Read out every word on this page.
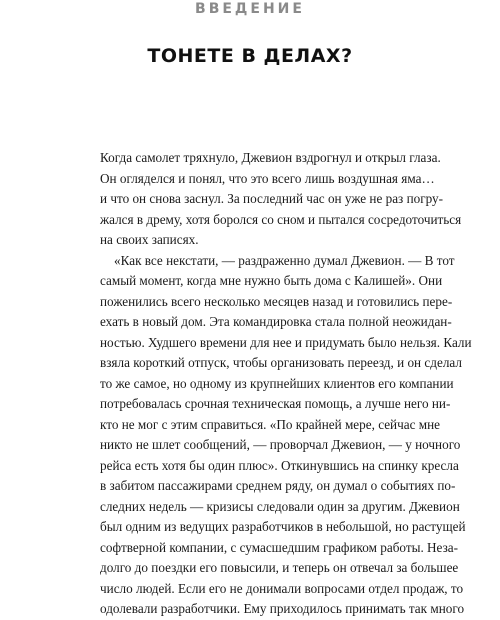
ВВЕДЕНИЕ
ТОНЕТЕ В ДЕЛАХ?
Когда самолет тряхнуло, Джевион вздрогнул и открыл глаза.
Он огляделся и понял, что это всего лишь воздушная яма…
и что он снова заснул. За последний час он уже не раз погру-
жался в дрему, хотя боролся со сном и пытался сосредоточиться
на своих записях.
«Как все некстати, — раздраженно думал Джевион. — В тот
самый момент, когда мне нужно быть дома с Калишей». Они
поженились всего несколько месяцев назад и готовились пере-
ехать в новый дом. Эта командировка стала полной неожидан-
ностью. Худшего времени для нее и придумать было нельзя. Кали
взяла короткий отпуск, чтобы организовать переезд, и он сделал
то же самое, но одному из крупнейших клиентов его компании
потребовалась срочная техническая помощь, а лучше него ни-
кто не мог с этим справиться. «По крайней мере, сейчас мне
никто не шлет сообщений, — проворчал Джевион, — у ночного
рейса есть хотя бы один плюс». Откинувшись на спинку кресла
в забитом пассажирами среднем ряду, он думал о событиях по-
следних недель — кризисы следовали один за другим. Джевион
был одним из ведущих разработчиков в небольшой, но растущей
софтверной компании, с сумасшедшим графиком работы. Неза-
долго до поездки его повысили, и теперь он отвечал за большее
число людей. Если его не донимали вопросами отдел продаж, то
одолевали разработчики. Ему приходилось принимать так много
